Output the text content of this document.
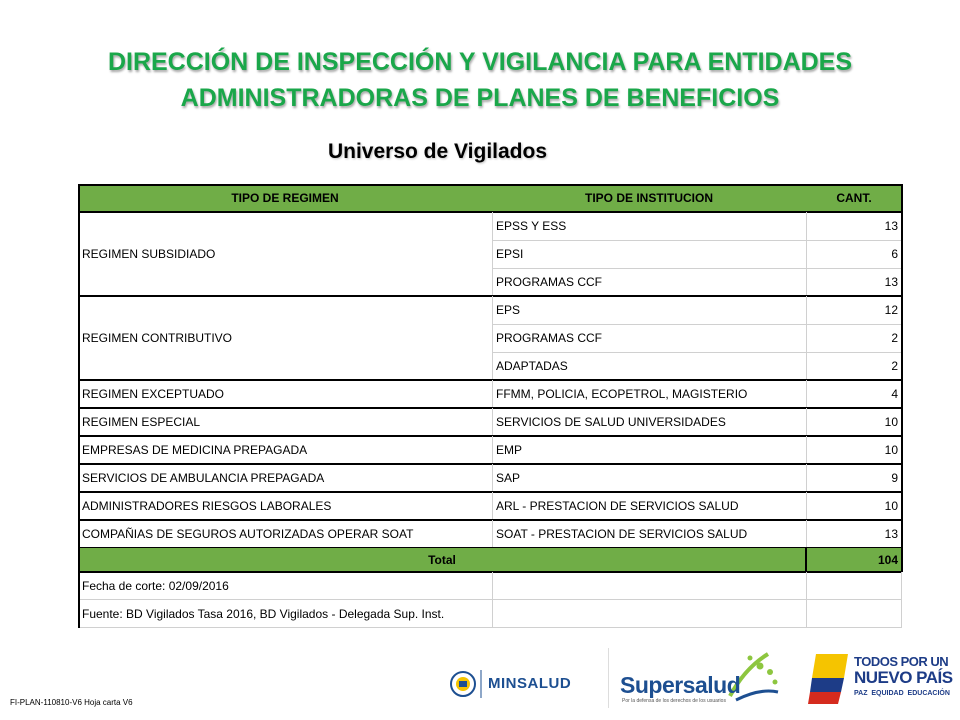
DIRECCIÓN DE INSPECCIÓN Y VIGILANCIA PARA ENTIDADES
ADMINISTRADORAS DE PLANES DE BENEFICIOS
Universo de Vigilados
TIPO DE REGIMEN	TIPO DE INSTITUCION	CANT.
REGIMEN SUBSIDIADO
EPSS Y ESS	13
EPSI	6
PROGRAMAS CCF	13
REGIMEN CONTRIBUTIVO
EPS	12
PROGRAMAS CCF	2
ADAPTADAS	2
REGIMEN EXCEPTUADO	FFMM, POLICIA, ECOPETROL, MAGISTERIO	4
REGIMEN ESPECIAL	SERVICIOS DE SALUD UNIVERSIDADES	10
EMPRESAS DE MEDICINA PREPAGADA	EMP	10
SERVICIOS DE AMBULANCIA PREPAGADA	SAP	9
ADMINISTRADORES RIESGOS LABORALES	ARL - PRESTACION DE SERVICIOS SALUD	10
COMPAÑIAS DE SEGUROS AUTORIZADAS OPERAR SOAT	SOAT - PRESTACION DE SERVICIOS SALUD	13
Total	104
Fecha de corte: 02/09/2016
Fuente: BD Vigilados Tasa 2016, BD Vigilados - Delegada Sup. Inst.
MINSALUD Supersalud
Por la defensa de los derechos de los usuarios
TODOS POR UN
NUEVO PAÍS
PAZ  EQUIDAD  EDUCACIÓN
FI-PLAN-110810-V6 Hoja carta V6
